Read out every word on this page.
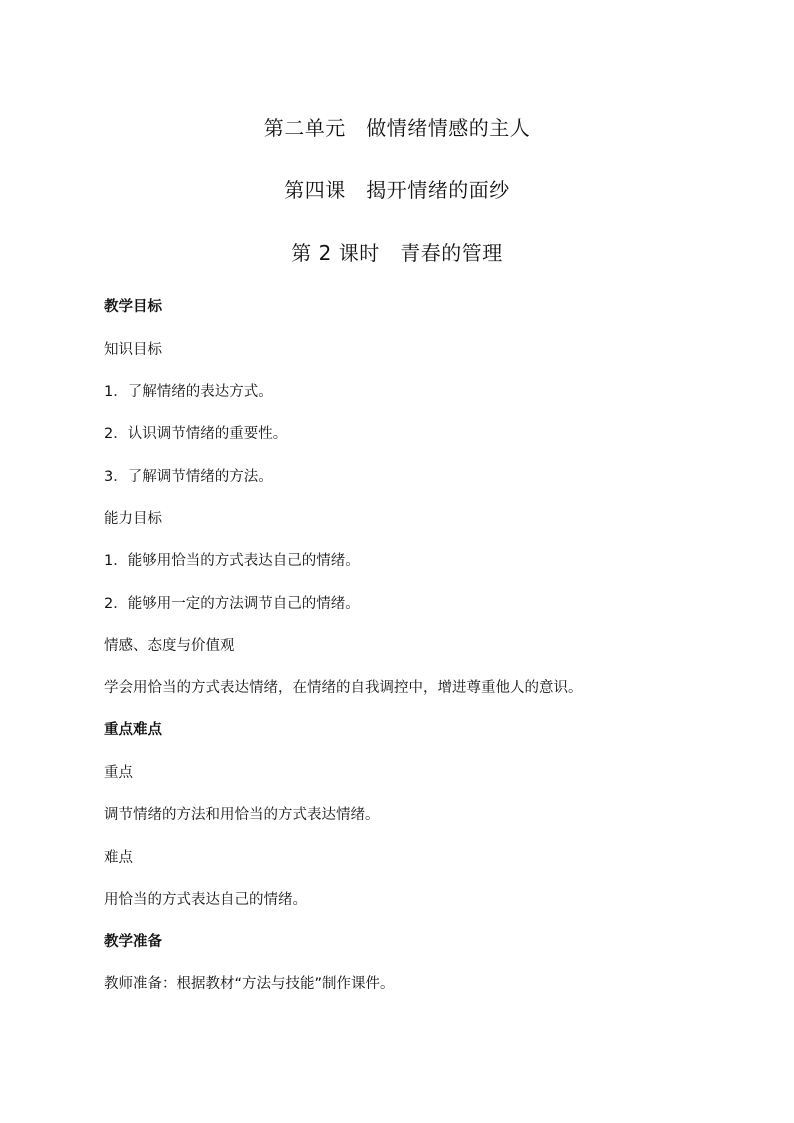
第二单元　做情绪情感的主人
第四课　揭开情绪的面纱
第 2 课时　青春的管理
教学目标
知识目标
1．了解情绪的表达方式。
2．认识调节情绪的重要性。
3．了解调节情绪的方法。
能力目标
1．能够用恰当的方式表达自己的情绪。
2．能够用一定的方法调节自己的情绪。
情感、态度与价值观
学会用恰当的方式表达情绪，在情绪的自我调控中，增进尊重他人的意识。
重点难点
重点
调节情绪的方法和用恰当的方式表达情绪。
难点
用恰当的方式表达自己的情绪。
教学准备
教师准备：根据教材“方法与技能”制作课件。
